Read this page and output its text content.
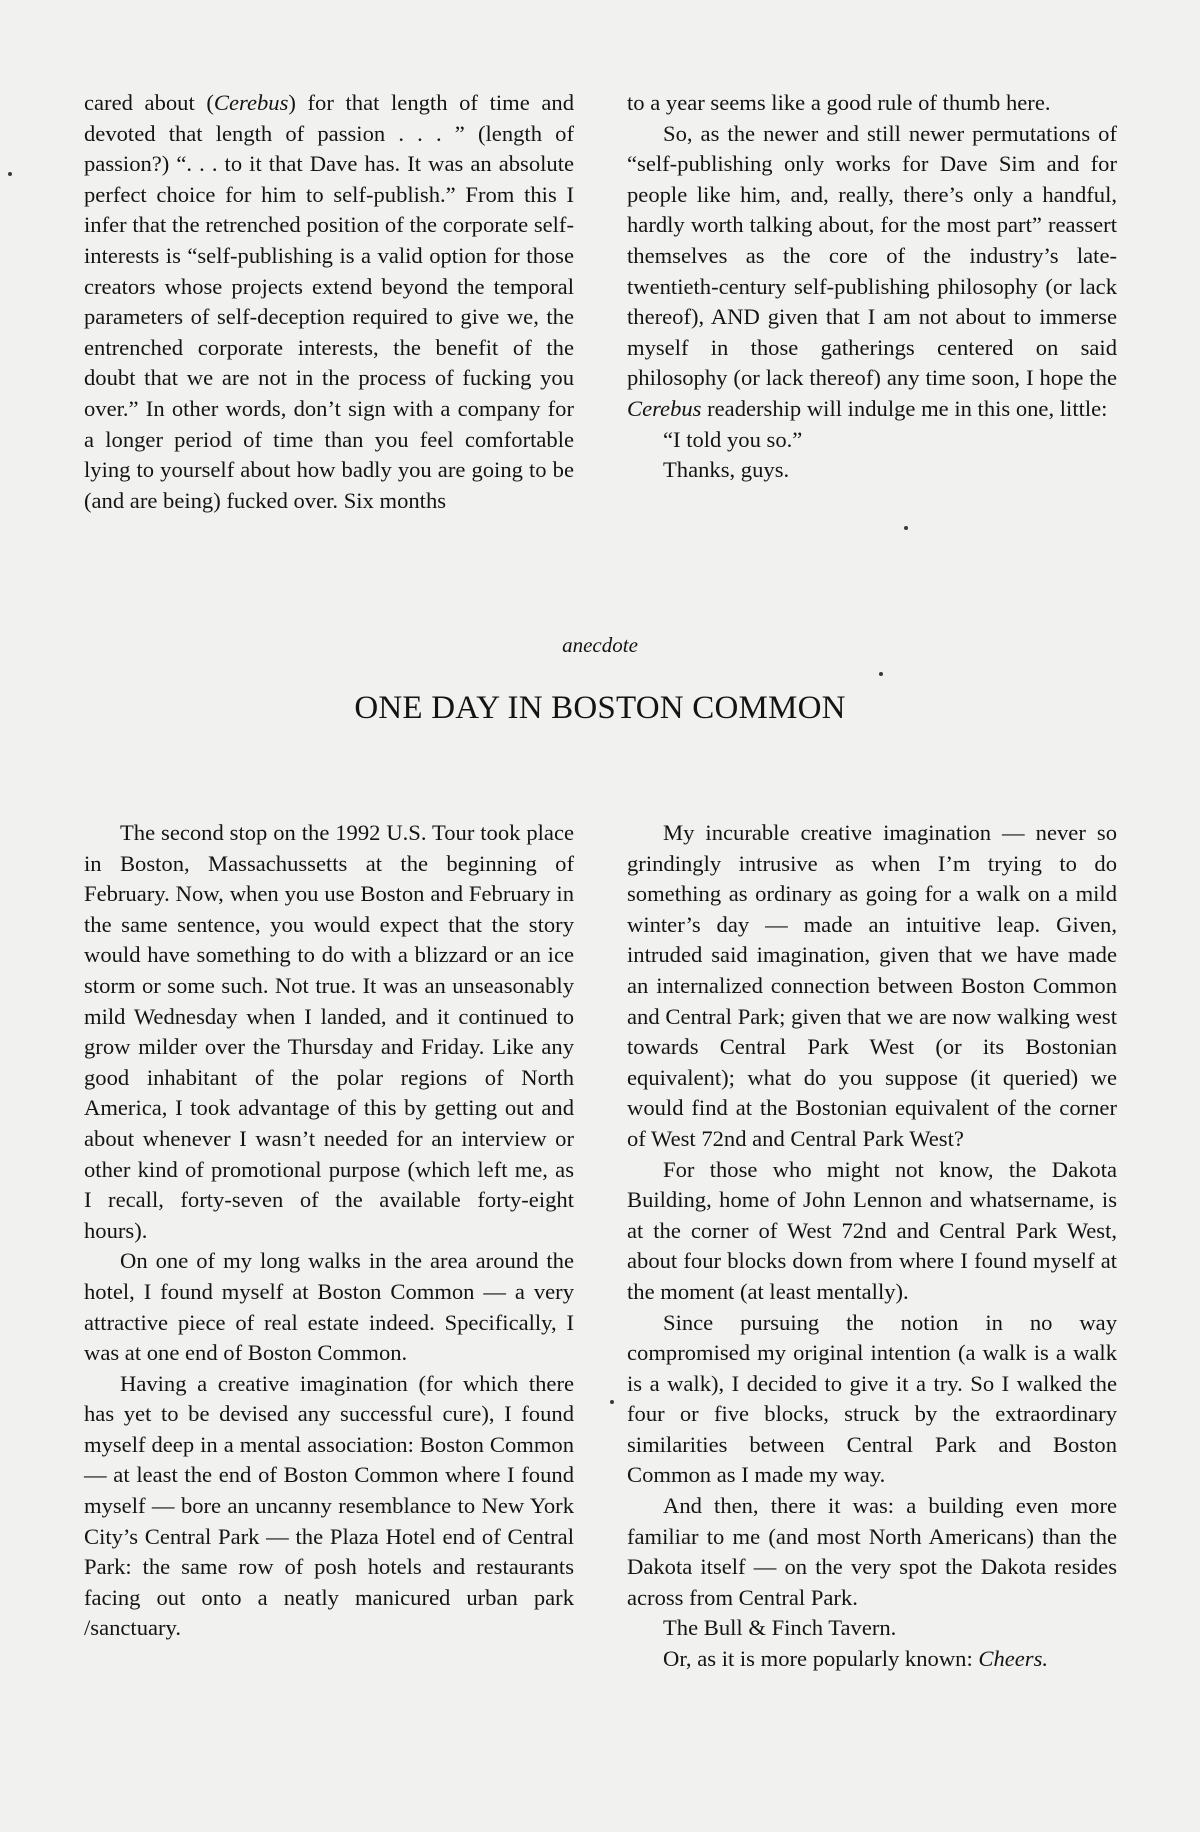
cared about (Cerebus) for that length of time and devoted that length of passion . . . ” (length of passion?) “. . . to it that Dave has. It was an absolute perfect choice for him to self-publish.” From this I infer that the retrenched position of the corporate self-interests is “self-publishing is a valid option for those creators whose projects extend beyond the temporal parameters of self-deception required to give we, the entrenched corporate interests, the benefit of the doubt that we are not in the process of fucking you over.” In other words, don’t sign with a company for a longer period of time than you feel comfortable lying to yourself about how badly you are going to be (and are being) fucked over. Six months

to a year seems like a good rule of thumb here.

So, as the newer and still newer permutations of “self-publishing only works for Dave Sim and for people like him, and, really, there’s only a handful, hardly worth talking about, for the most part” reassert themselves as the core of the industry’s late-twentieth-century self-publishing philosophy (or lack thereof), AND given that I am not about to immerse myself in those gatherings centered on said philosophy (or lack thereof) any time soon, I hope the Cerebus readership will indulge me in this one, little:

“I told you so.”

Thanks, guys.

anecdote
ONE DAY IN BOSTON COMMON

The second stop on the 1992 U.S. Tour took place in Boston, Massachussetts at the beginning of February. Now, when you use Boston and February in the same sentence, you would expect that the story would have something to do with a blizzard or an ice storm or some such. Not true. It was an unseasonably mild Wednesday when I landed, and it continued to grow milder over the Thursday and Friday. Like any good inhabitant of the polar regions of North America, I took advantage of this by getting out and about whenever I wasn’t needed for an interview or other kind of promotional purpose (which left me, as I recall, forty-seven of the available forty-eight hours).

On one of my long walks in the area around the hotel, I found myself at Boston Common — a very attractive piece of real estate indeed. Specifically, I was at one end of Boston Common.

Having a creative imagination (for which there has yet to be devised any successful cure), I found myself deep in a mental association: Boston Common — at least the end of Boston Common where I found myself — bore an uncanny resemblance to New York City’s Central Park — the Plaza Hotel end of Central Park: the same row of posh hotels and restaurants facing out onto a neatly manicured urban park /sanctuary.

My incurable creative imagination — never so grindingly intrusive as when I’m trying to do something as ordinary as going for a walk on a mild winter’s day — made an intuitive leap. Given, intruded said imagination, given that we have made an internalized connection between Boston Common and Central Park; given that we are now walking west towards Central Park West (or its Bostonian equivalent); what do you suppose (it queried) we would find at the Bostonian equivalent of the corner of West 72nd and Central Park West?

For those who might not know, the Dakota Building, home of John Lennon and whatsername, is at the corner of West 72nd and Central Park West, about four blocks down from where I found myself at the moment (at least mentally).

Since pursuing the notion in no way compromised my original intention (a walk is a walk is a walk), I decided to give it a try. So I walked the four or five blocks, struck by the extraordinary similarities between Central Park and Boston Common as I made my way.

And then, there it was: a building even more familiar to me (and most North Americans) than the Dakota itself — on the very spot the Dakota resides across from Central Park.

The Bull & Finch Tavern.

Or, as it is more popularly known: Cheers.
